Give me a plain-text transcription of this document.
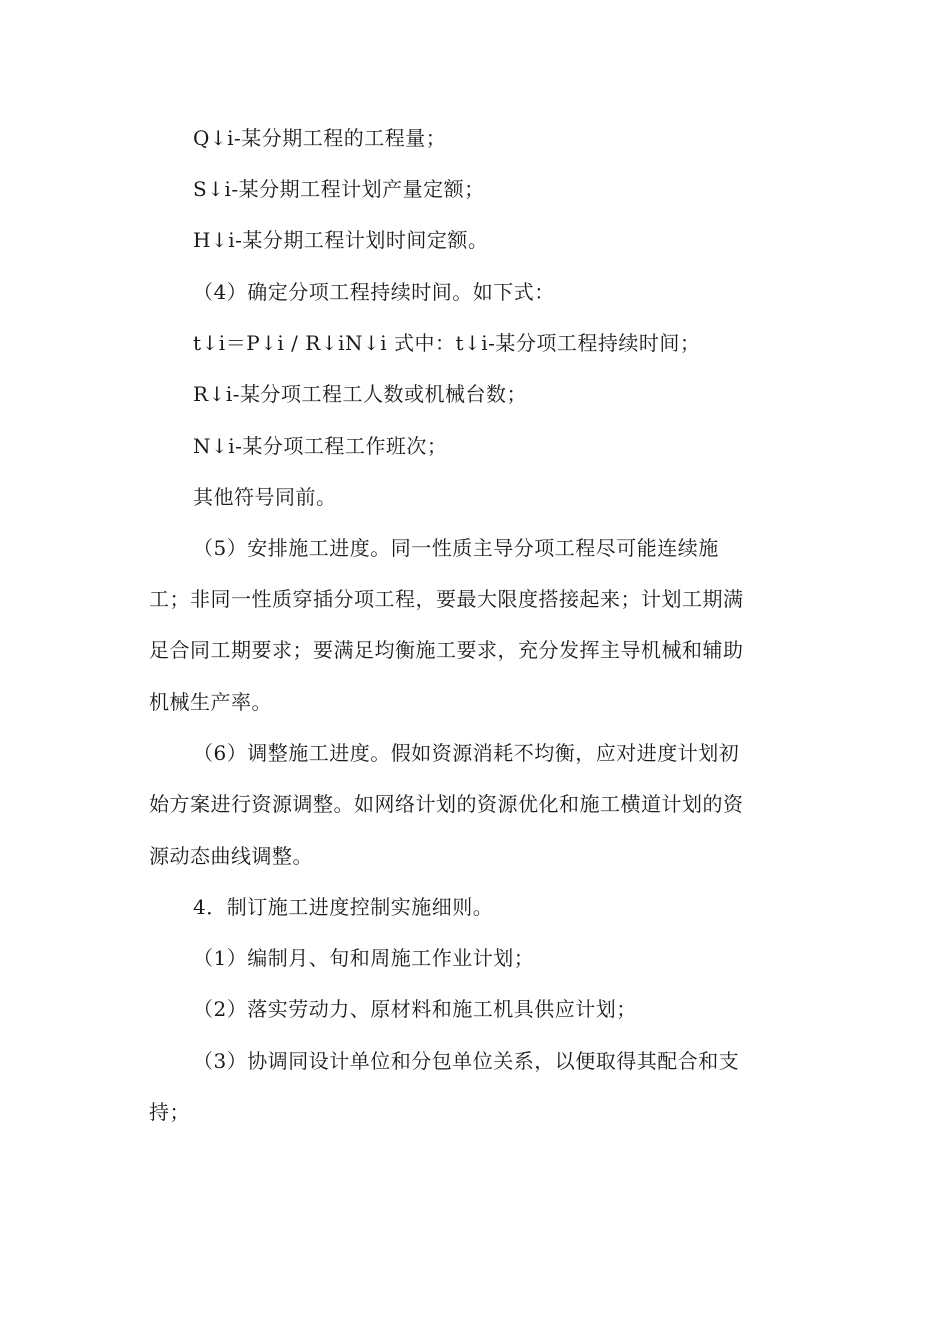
Q↓i-某分期工程的工程量；
S↓i-某分期工程计划产量定额；
H↓i-某分期工程计划时间定额。
（4）确定分项工程持续时间。如下式：
t↓i＝P↓i / R↓iN↓i 式中：t↓i-某分项工程持续时间；
R↓i-某分项工程工人数或机械台数；
N↓i-某分项工程工作班次；
其他符号同前。
（5）安排施工进度。同一性质主导分项工程尽可能连续施
工；非同一性质穿插分项工程，要最大限度搭接起来；计划工期满
足合同工期要求；要满足均衡施工要求，充分发挥主导机械和辅助
机械生产率。
（6）调整施工进度。假如资源消耗不均衡，应对进度计划初
始方案进行资源调整。如网络计划的资源优化和施工横道计划的资
源动态曲线调整。
4．制订施工进度控制实施细则。
（1）编制月、旬和周施工作业计划；
（2）落实劳动力、原材料和施工机具供应计划；
（3）协调同设计单位和分包单位关系，以便取得其配合和支
持；
